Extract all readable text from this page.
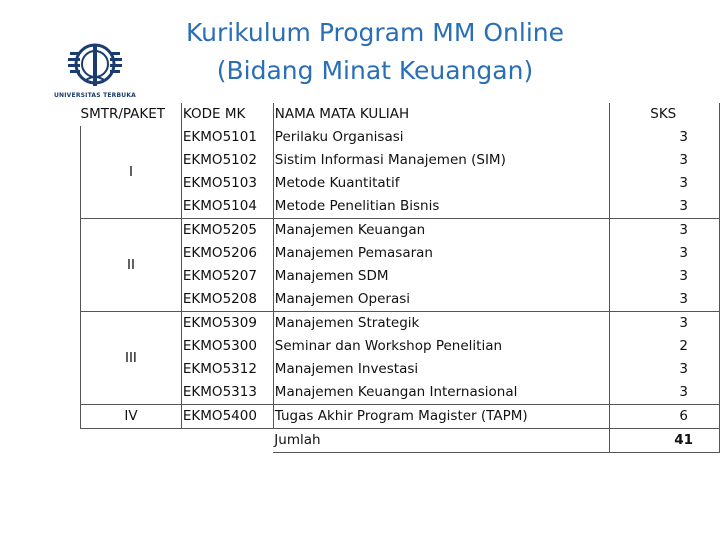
UNIVERSITAS TERBUKA
Kurikulum Program MM Online
(Bidang Minat Keuangan)
SMTR/PAKET	KODE MK	NAMA MATA KULIAH	SKS
I	EKMO5101	Perilaku Organisasi	3
	EKMO5102	Sistim Informasi Manajemen (SIM)	3
	EKMO5103	Metode Kuantitatif	3
	EKMO5104	Metode Penelitian Bisnis	3
II	EKMO5205	Manajemen Keuangan	3
	EKMO5206	Manajemen Pemasaran	3
	EKMO5207	Manajemen SDM	3
	EKMO5208	Manajemen Operasi	3
III	EKMO5309	Manajemen Strategik	3
	EKMO5300	Seminar dan Workshop Penelitian	2
	EKMO5312	Manajemen Investasi	3
	EKMO5313	Manajemen Keuangan Internasional	3
IV	EKMO5400	Tugas Akhir Program Magister (TAPM)	6
		Jumlah	41
